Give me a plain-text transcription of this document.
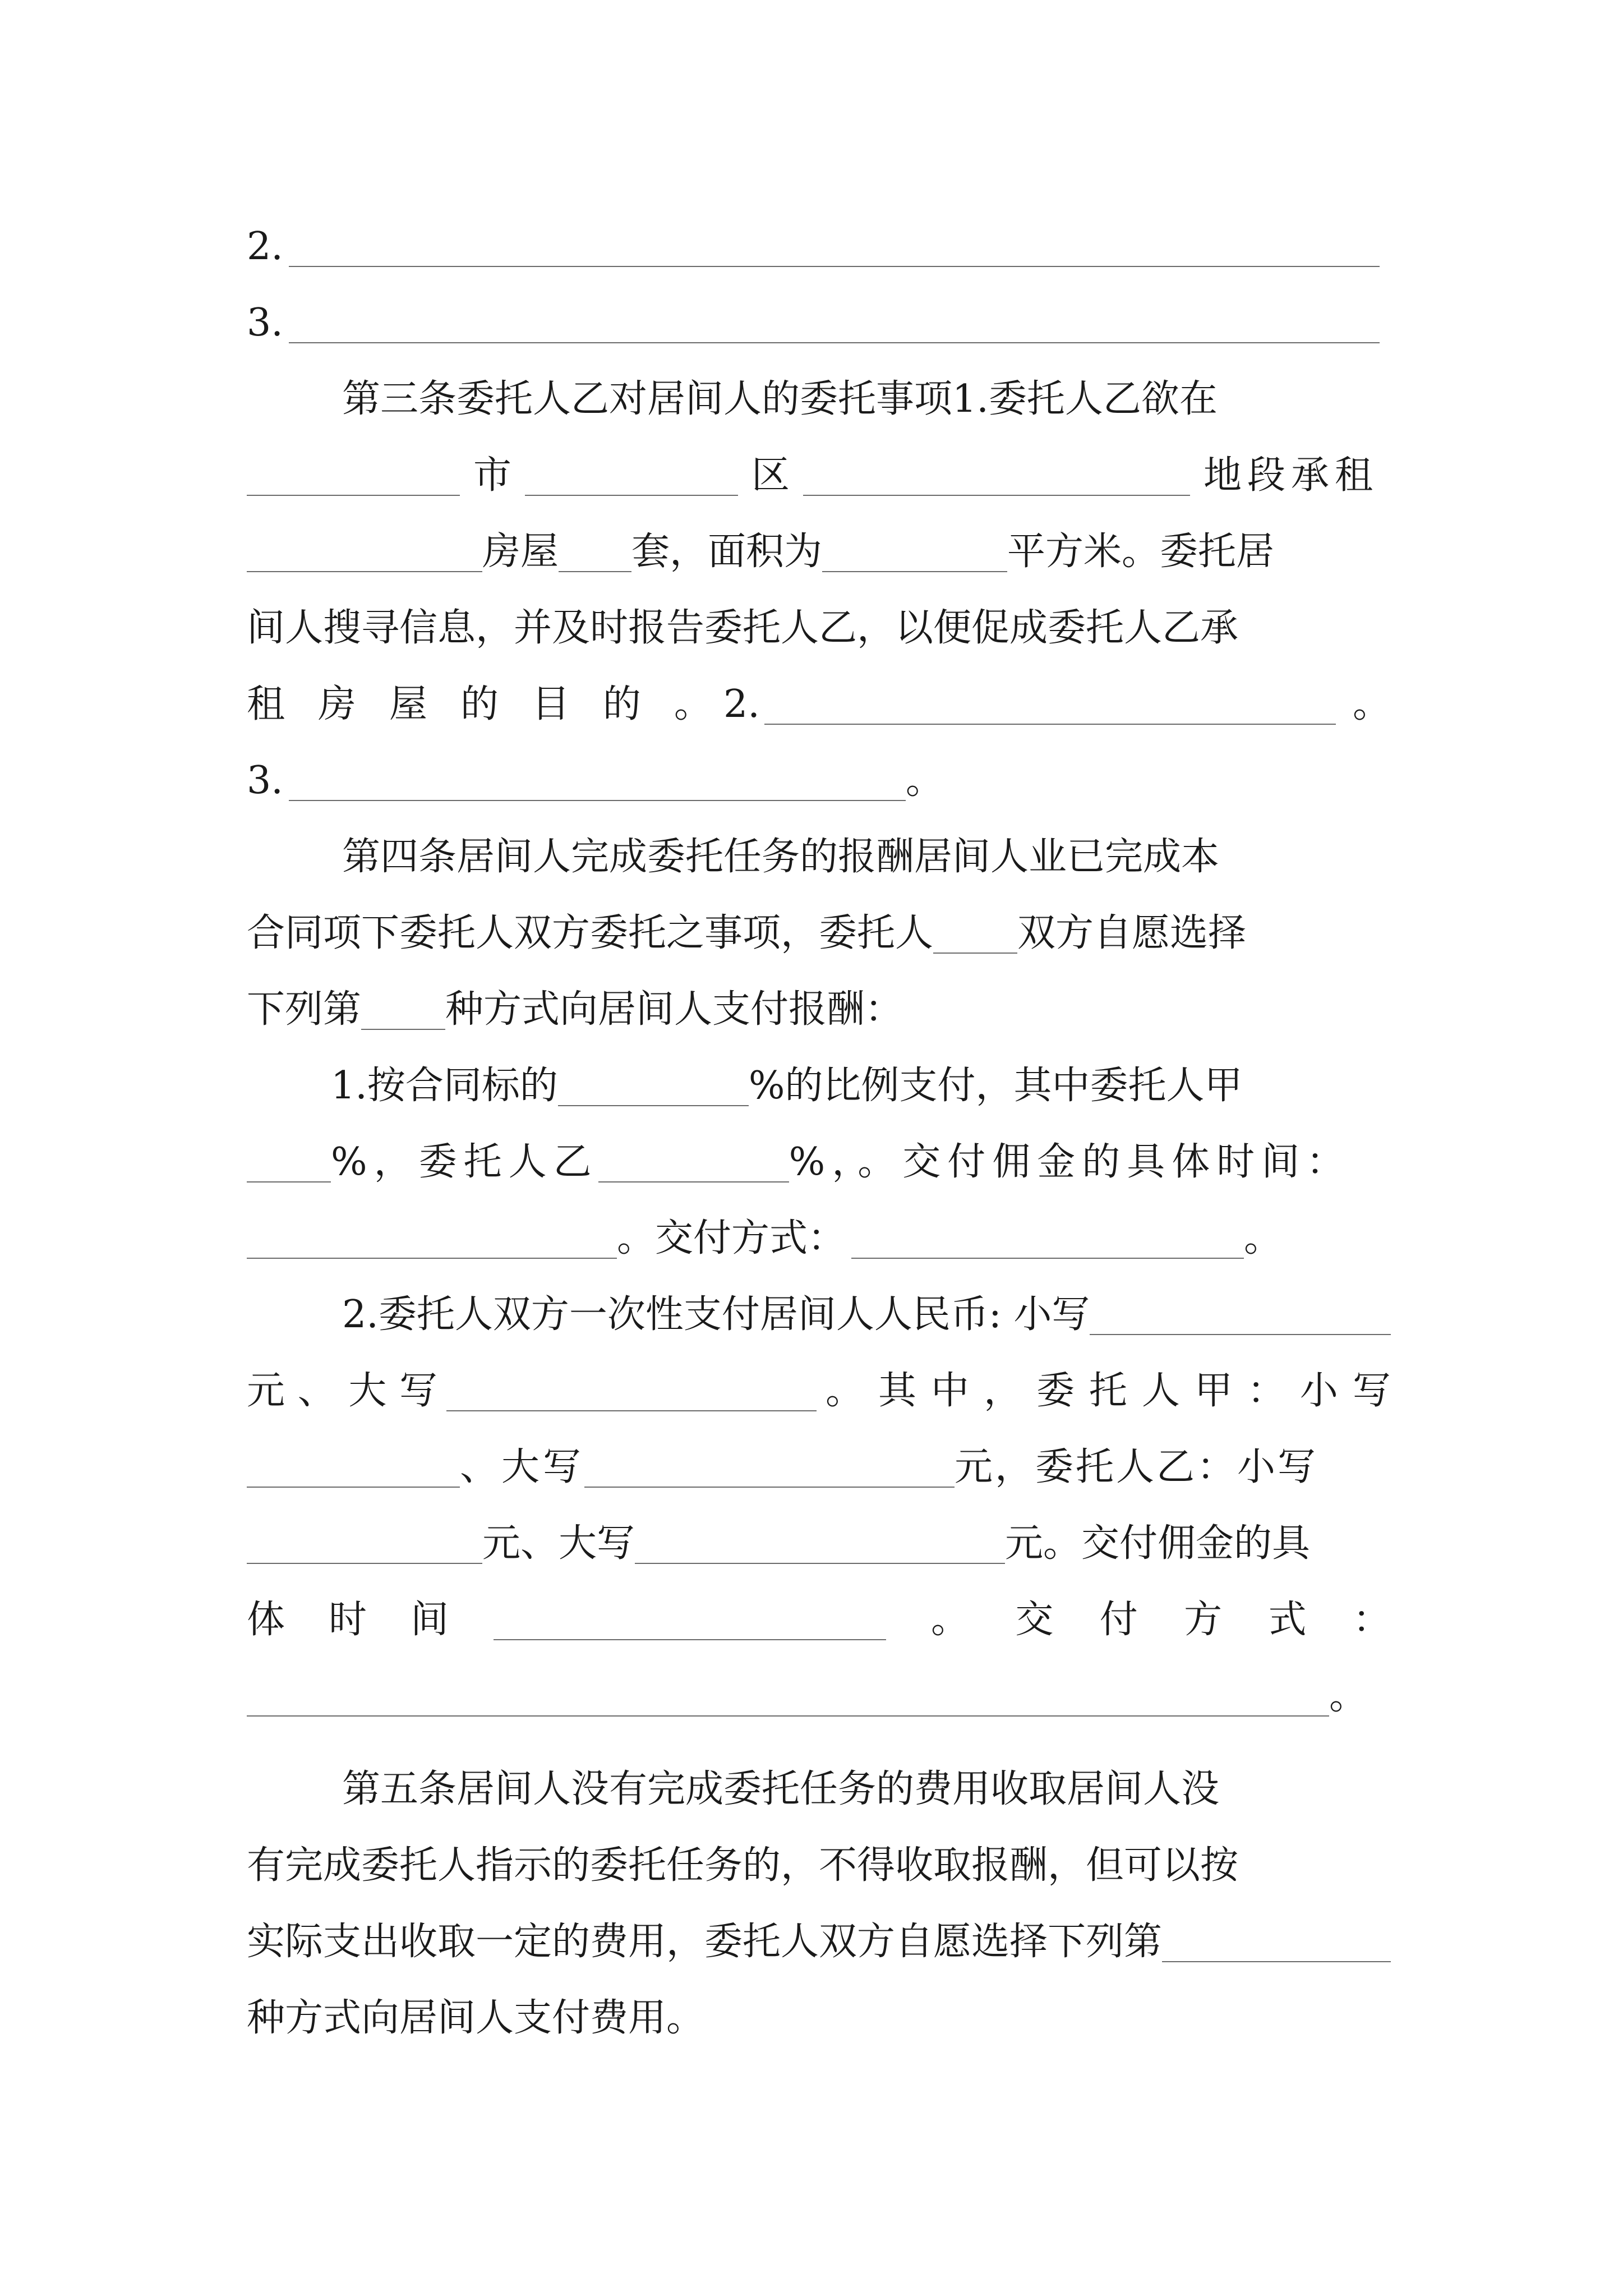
2.
3.
第三条委托人乙对居间人的委托事项 1.委托人乙欲在
市	区	地段承租
房屋 套，面积为	平方米。委托居
间人搜寻信息，并及时报告委托人乙，以便促成委托人乙承
租 房 屋 的 目 的 。 2.	。
3.	。
第四条居间人完成委托任务的报酬居间人业已完成本
合同项下委托人双方委托之事项，委托人 双方自愿选择
下列第 种方式向居间人支付报酬：
1.按合同标的	%的比例支付，其中委托人甲
%，委托人乙	%，。交付佣金的具体时间：
。交付方式：	。
2.委托人双方一次性支付居间人人民币: 小写
元 、 大 写	。 其 中 ， 委 托 人 甲 ： 小 写
、大写	元，委托人乙：小写
元、大写	元。交付佣金的具
体 时 间	。 交 付 方 式 ：
。
第五条居间人没有完成委托任务的费用收取居间人没
有完成委托人指示的委托任务的，不得收取报酬，但可以按
实际支出收取一定的费用，委托人双方自愿选择下列第
种方式向居间人支付费用。
